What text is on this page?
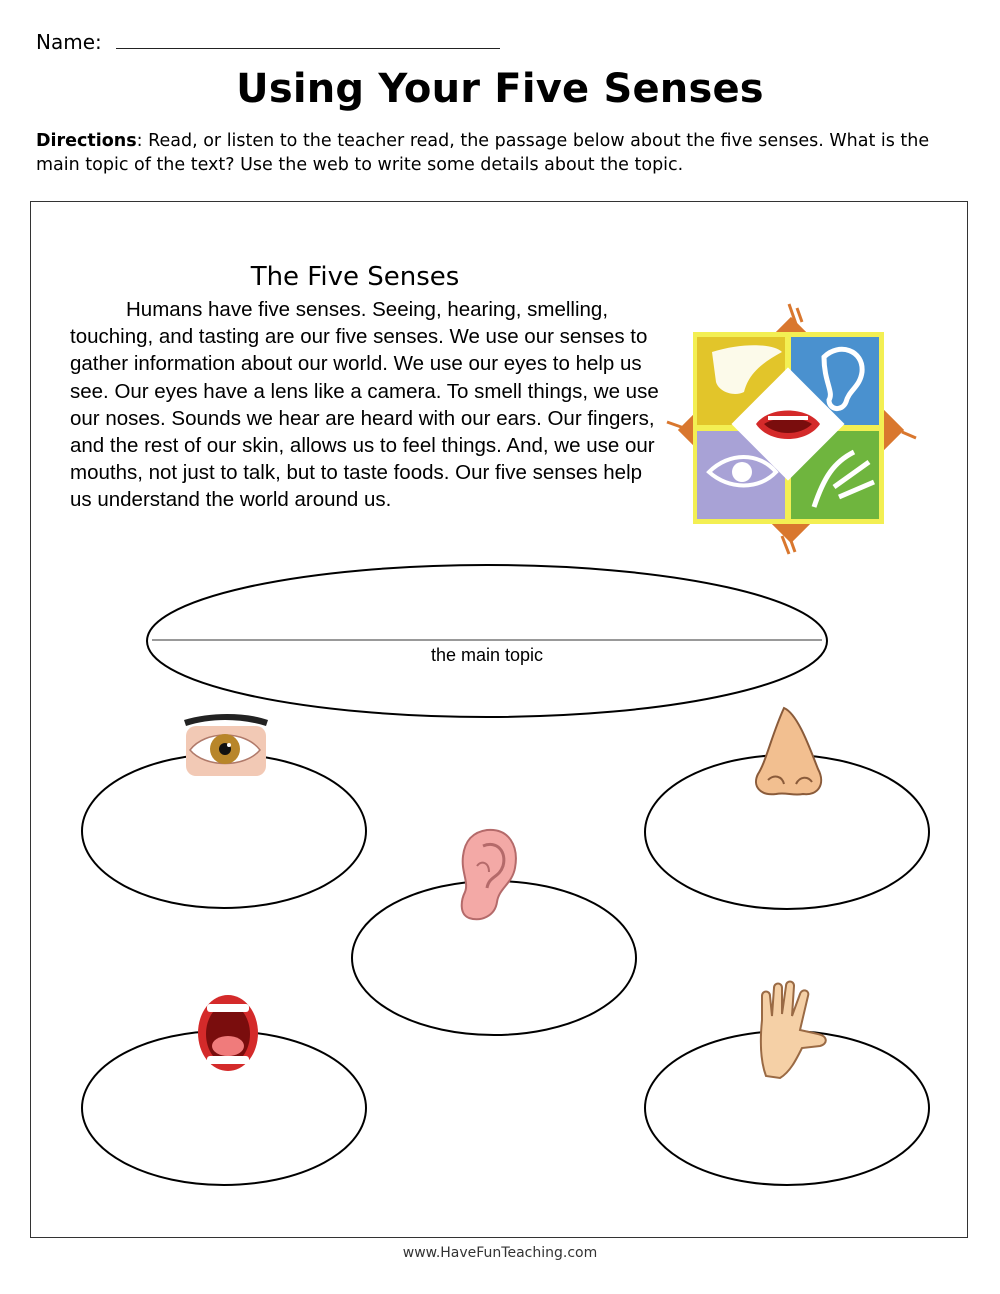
Name:
Using Your Five Senses
Directions: Read, or listen to the teacher read, the passage below about the five senses. What is the main topic of the text? Use the web to write some details about the topic.
The Five Senses
Humans have five senses. Seeing, hearing, smelling, touching, and tasting are our five senses. We use our senses to gather information about our world. We use our eyes to help us see. Our eyes have a lens like a camera. To smell things, we use our noses. Sounds we hear are heard with our ears. Our fingers, and the rest of our skin, allows us to feel things. And, we use our mouths, not just to talk, but to taste foods. Our five senses help us understand the world around us.
the main topic
www.HaveFunTeaching.com
